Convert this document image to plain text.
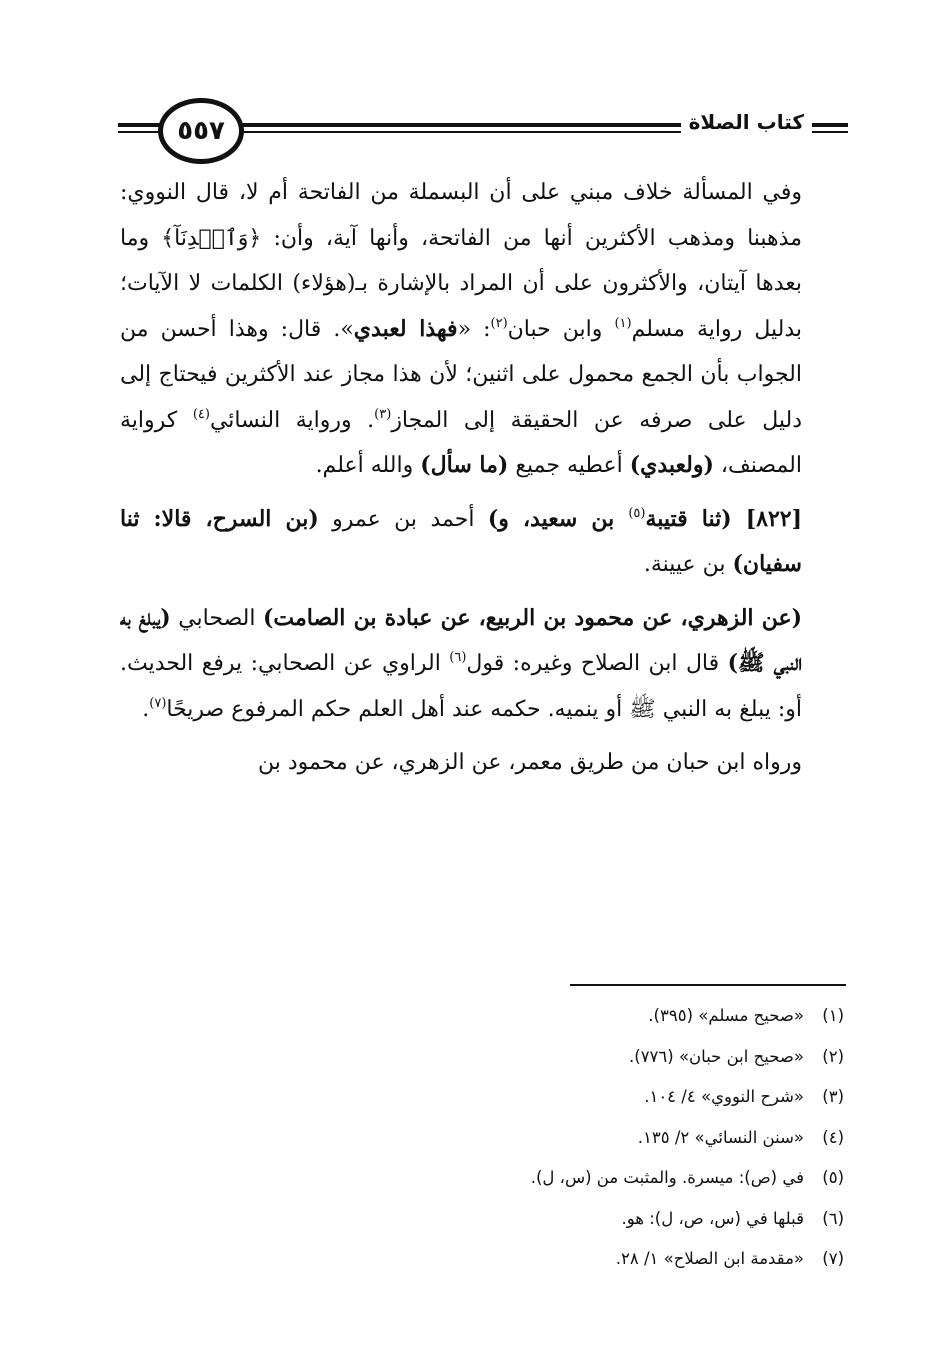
كتاب الصلاة
٥٥٧

وفي المسألة خلاف مبني على أن البسملة من الفاتحة أم لا، قال النووي: مذهبنا ومذهب الأكثرين أنها من الفاتحة، وأنها آية، وأن: ﴿وَٱهۡدِنَآ﴾ وما بعدها آيتان، والأكثرون على أن المراد بالإشارة بـ(هؤلاء) الكلمات لا الآيات؛ بدليل رواية مسلم$^{(١)}$ وابن حبان$^{(٢)}$: «فهذا لعبدي». قال: وهذا أحسن من الجواب بأن الجمع محمول على اثنين؛ لأن هذا مجاز عند الأكثرين فيحتاج إلى دليل على صرفه عن الحقيقة إلى المجاز$^{(٣)}$. ورواية النسائي$^{(٤)}$ كرواية المصنف، (ولعبدي) أعطيه جميع (ما سأل) والله أعلم.

[٨٢٢] (ثنا قتيبة$^{(٥)}$ بن سعيد، و) أحمد بن عمرو (بن السرح، قالا: ثنا سفيان) بن عيينة.

(عن الزهري، عن محمود بن الربيع، عن عبادة بن الصامت) الصحابي (يبلغ به النبي ﷺ) قال ابن الصلاح وغيره: قول$^{(٦)}$ الراوي عن الصحابي: يرفع الحديث. أو: يبلغ به النبي ﷺ أو ينميه. حكمه عند أهل العلم حكم المرفوع صريحًا$^{(٧)}$.

ورواه ابن حبان من طريق معمر، عن الزهري، عن محمود بن

(١)«صحيح مسلم» (٣٩٥).
(٢)«صحيح ابن حبان» (٧٧٦).
(٣)«شرح النووي» ٤/ ١٠٤.
(٤)«سنن النسائي» ٢/ ١٣٥.
(٥)في (ص): ميسرة. والمثبت من (س، ل).
(٦)قبلها في (س، ص، ل): هو.
(٧)«مقدمة ابن الصلاح» ١/ ٢٨.
